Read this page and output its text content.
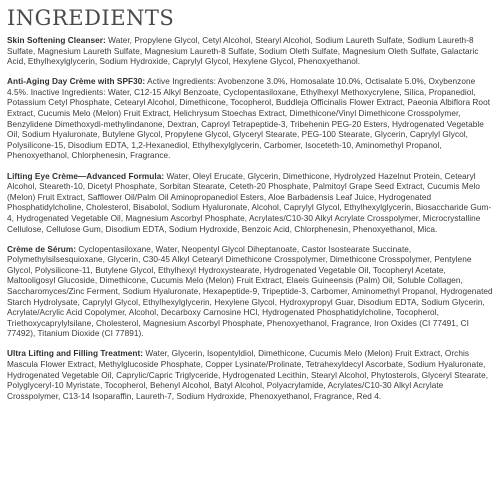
INGREDIENTS

Skin Softening Cleanser: Water, Propylene Glycol, Cetyl Alcohol, Stearyl Alcohol, Sodium Laureth Sulfate, Sodium Laureth-8 Sulfate, Magnesium Laureth Sulfate, Magnesium Laureth-8 Sulfate, Sodium Oleth Sulfate, Magnesium Oleth Sulfate, Galactaric Acid, Ethylhexylglycerin, Sodium Hydroxide, Caprylyl Glycol, Hexylene Glycol, Phenoxyethanol.

Anti-Aging Day Crème with SPF30: Active Ingredients: Avobenzone 3.0%, Homosalate 10.0%, Octisalate 5.0%, Oxybenzone 4.5%. Inactive Ingredients: Water, C12-15 Alkyl Benzoate, Cyclopentasiloxane, Ethylhexyl Methoxycrylene, Silica, Propanediol, Potassium Cetyl Phosphate, Cetearyl Alcohol, Dimethicone, Tocopherol, Buddleja Officinalis Flower Extract, Paeonia Albiflora Root Extract, Cucumis Melo (Melon) Fruit Extract, Helichrysum Stoechas Extract, Dimethicone/Vinyl Dimethicone Crosspolymer, Benzylidene Dimethoxydi-methylindanone, Dextran, Caproyl Tetrapeptide-3, Tribehenin PEG-20 Esters, Hydrogenated Vegetable Oil, Sodium Hyaluronate, Butylene Glycol, Propylene Glycol, Glyceryl Stearate, PEG-100 Stearate, Glycerin, Caprylyl Glycol, Polysilicone-15, Disodium EDTA, 1,2-Hexanediol, Ethylhexylglycerin, Carbomer, Isoceteth-10, Aminomethyl Propanol, Phenoxyethanol, Chlorphenesin, Fragrance.

Lifting Eye Crème—Advanced Formula: Water, Oleyl Erucate, Glycerin, Dimethicone, Hydrolyzed Hazelnut Protein, Cetearyl Alcohol, Steareth-10, Dicetyl Phosphate, Sorbitan Stearate, Ceteth-20 Phosphate, Palmitoyl Grape Seed Extract, Cucumis Melo (Melon) Fruit Extract, Safflower Oil/Palm Oil Aminopropanediol Esters, Aloe Barbadensis Leaf Juice, Hydrogenated Phosphatidylcholine, Cholesterol, Bisabolol, Sodium Hyaluronate, Alcohol, Caprylyl Glycol, Ethylhexylglycerin, Biosaccharide Gum-4, Hydrogenated Vegetable Oil, Magnesium Ascorbyl Phosphate, Acrylates/C10-30 Alkyl Acrylate Crosspolymer, Microcrystalline Cellulose, Cellulose Gum, Disodium EDTA, Sodium Hydroxide, Benzoic Acid, Chlorphenesin, Phenoxyethanol, Mica.

Crème de Sérum: Cyclopentasiloxane, Water, Neopentyl Glycol Diheptanoate, Castor Isostearate Succinate, Polymethylsilsesquioxane, Glycerin, C30-45 Alkyl Cetearyl Dimethicone Crosspolymer, Dimethicone Crosspolymer, Pentylene Glycol, Polysilicone-11, Butylene Glycol, Ethylhexyl Hydroxystearate, Hydrogenated Vegetable Oil, Tocopheryl Acetate, Maltooligosyl Glucoside, Dimethicone, Cucumis Melo (Melon) Fruit Extract, Elaeis Guineensis (Palm) Oil, Soluble Collagen, Saccharomyces/Zinc Ferment, Sodium Hyaluronate, Hexapeptide-9, Tripeptide-3, Carbomer, Aminomethyl Propanol, Hydrogenated Starch Hydrolysate, Caprylyl Glycol, Ethylhexylglycerin, Hexylene Glycol, Hydroxypropyl Guar, Disodium EDTA, Sodium Glycerin, Acrylate/Acrylic Acid Copolymer, Alcohol, Decarboxy Carnosine HCl, Hydrogenated Phosphatidylcholine, Tocopherol, Triethoxycaprylylsilane, Cholesterol, Magnesium Ascorbyl Phosphate, Phenoxyethanol, Fragrance, Iron Oxides (CI 77491, CI 77492), Titanium Dioxide (CI 77891).

Ultra Lifting and Filling Treatment: Water, Glycerin, Isopentyldiol, Dimethicone, Cucumis Melo (Melon) Fruit Extract, Orchis Mascula Flower Extract, Methylglucoside Phosphate, Copper Lysinate/Prolinate, Tetrahexyldecyl Ascorbate, Sodium Hyaluronate, Hydrogenated Vegetable Oil, Caprylic/Capric Triglyceride, Hydrogenated Lecithin, Stearyl Alcohol, Phytosterols, Glyceryl Stearate, Polyglyceryl-10 Myristate, Tocopherol, Behenyl Alcohol, Batyl Alcohol, Polyacrylamide, Acrylates/C10-30 Alkyl Acrylate Crosspolymer, C13-14 Isoparaffin, Laureth-7, Sodium Hydroxide, Phenoxyethanol, Fragrance, Red 4.
